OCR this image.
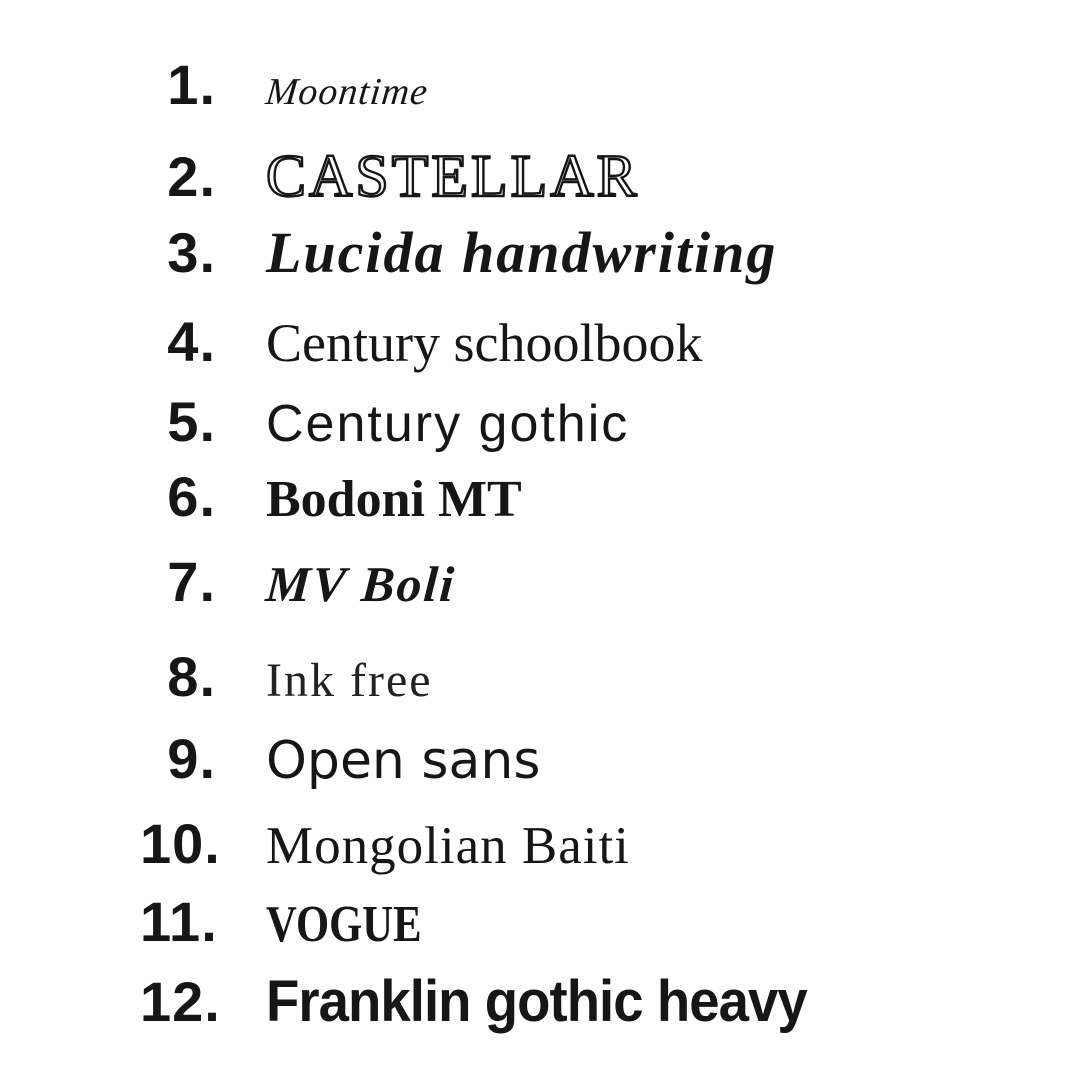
1. Moontime
2. CASTELLAR
3. Lucida handwriting
4. Century schoolbook
5. Century gothic
6. Bodoni MT
7. MV Boli
8. Ink free
9. Open sans
10. Mongolian Baiti
11. VOGUE
12. Franklin gothic heavy
